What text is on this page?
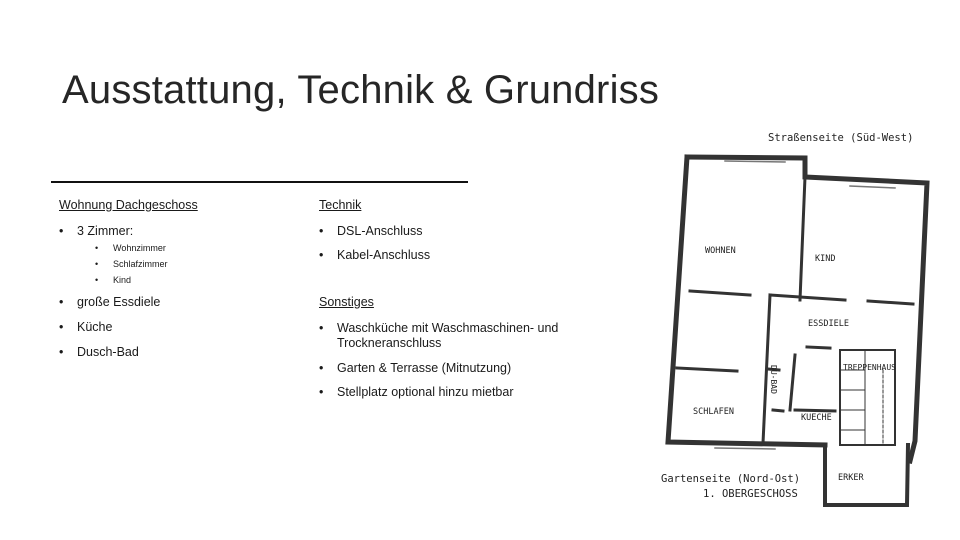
Ausstattung, Technik & Grundriss
Wohnung Dachgeschoss
• 3 Zimmer:
• Wohnzimmer
• Schlafzimmer
• Kind
• große Essdiele
• Küche
• Dusch-Bad
Technik
• DSL-Anschluss
• Kabel-Anschluss
Sonstiges
• Waschküche mit Waschmaschinen- und Trockneranschluss
• Garten & Terrasse (Mitnutzung)
• Stellplatz optional hinzu mietbar
Straßenseite (Süd-West)
WOHNEN
KIND
ESSDIELE
DU-BAD	TREPPENHAUS
SCHLAFEN
KUECHE
ERKER
Gartenseite (Nord-Ost)
1. OBERGESCHOSS
